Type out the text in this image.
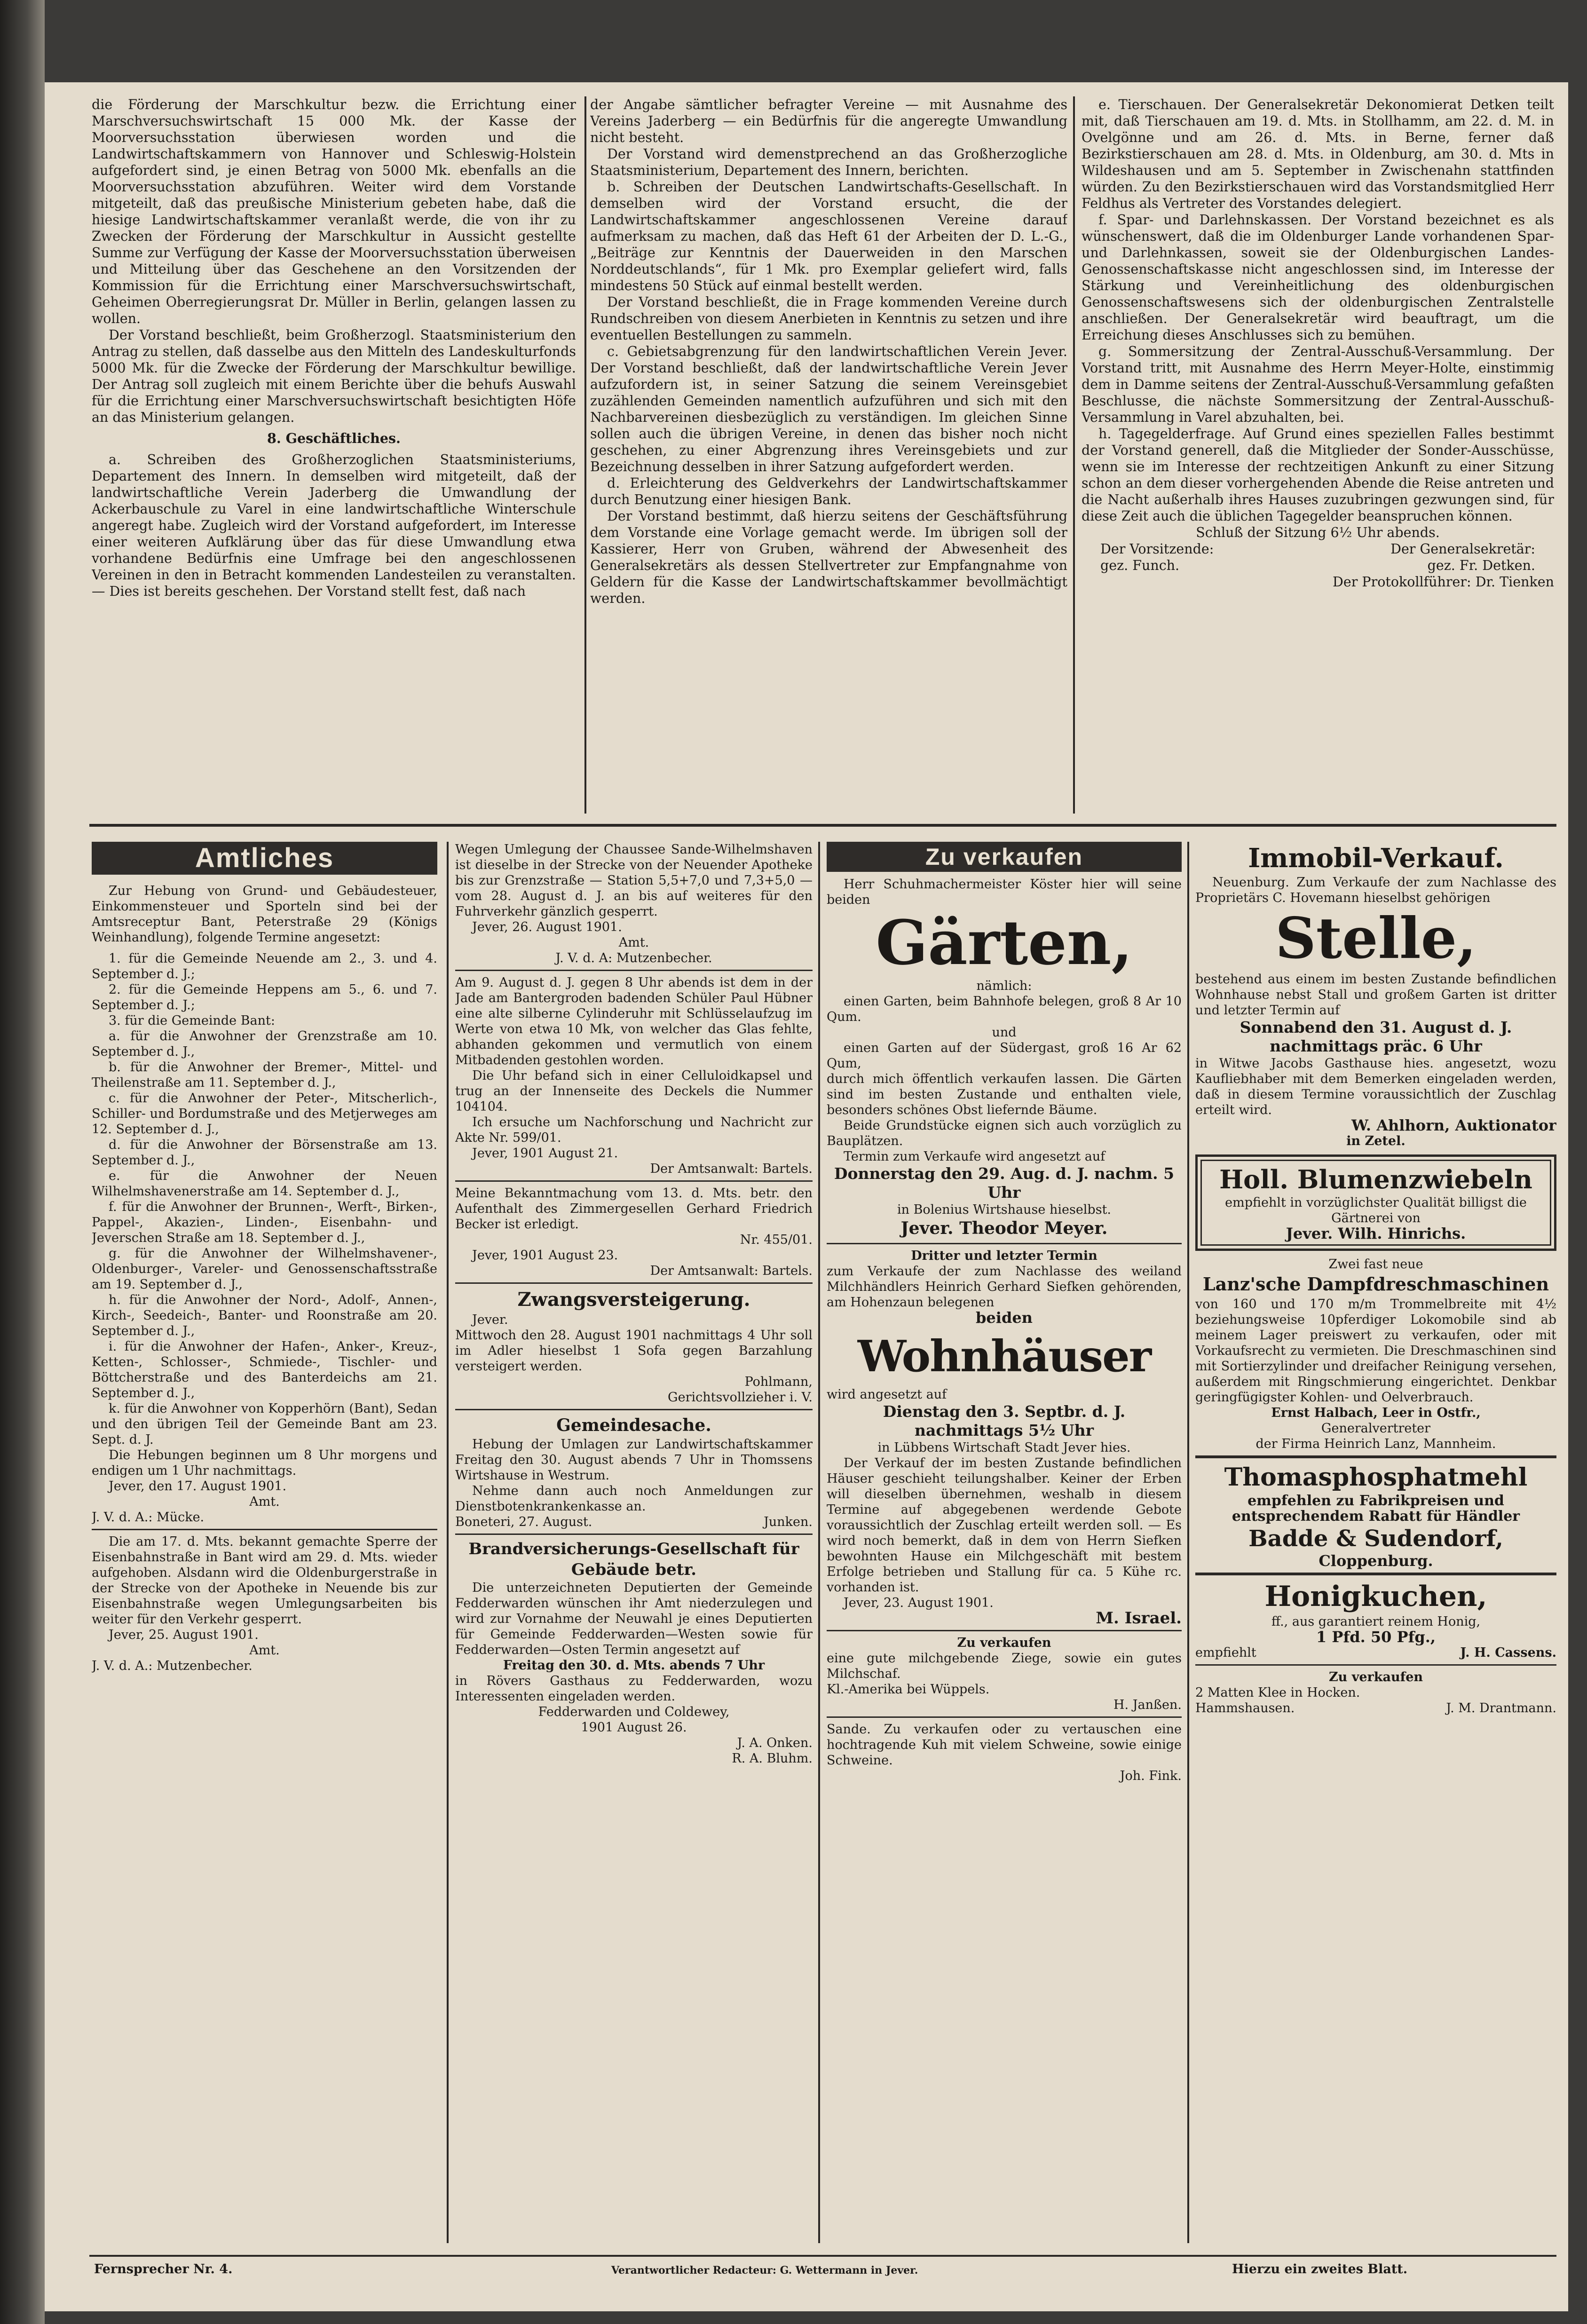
die Förderung der Marschkultur bezw. die Errichtung einer Marschversuchswirtschaft 15 000 Mk. der Kasse der Moorversuchsstation überwiesen worden und die Landwirtschaftskammern von Hannover und Schleswig-Holstein aufgefordert sind, je einen Betrag von 5000 Mk. ebenfalls an die Moorversuchsstation abzuführen. Weiter wird dem Vorstande mitgeteilt, daß das preußische Ministerium gebeten habe, daß die hiesige Landwirtschaftskammer veranlaßt werde, die von ihr zu Zwecken der Förderung der Marschkultur in Aussicht gestellte Summe zur Verfügung der Kasse der Moorversuchsstation überweisen und Mitteilung über das Geschehene an den Vorsitzenden der Kommission für die Errichtung einer Marschversuchswirtschaft, Geheimen Oberregierungsrat Dr. Müller in Berlin, gelangen lassen zu wollen.

Der Vorstand beschließt, beim Großherzogl. Staatsministerium den Antrag zu stellen, daß dasselbe aus den Mitteln des Landeskulturfonds 5000 Mk. für die Zwecke der Förderung der Marschkultur bewillige. Der Antrag soll zugleich mit einem Berichte über die behufs Auswahl für die Errichtung einer Marschversuchswirtschaft besichtigten Höfe an das Ministerium gelangen.

8. Geschäftliches.

a. Schreiben des Großherzoglichen Staatsministeriums, Departement des Innern. In demselben wird mitgeteilt, daß der landwirtschaftliche Verein Jaderberg die Umwandlung der Ackerbauschule zu Varel in eine landwirtschaftliche Winterschule angeregt habe. Zugleich wird der Vorstand aufgefordert, im Interesse einer weiteren Aufklärung über das für diese Umwandlung etwa vorhandene Bedürfnis eine Umfrage bei den angeschlossenen Vereinen in den in Betracht kommenden Landesteilen zu veranstalten. — Dies ist bereits geschehen. Der Vorstand stellt fest, daß nach

der Angabe sämtlicher befragter Vereine — mit Ausnahme des Vereins Jaderberg — ein Bedürfnis für die angeregte Umwandlung nicht besteht.

Der Vorstand wird demenstprechend an das Großherzogliche Staatsministerium, Departement des Innern, berichten.

b. Schreiben der Deutschen Landwirtschafts-Gesellschaft. In demselben wird der Vorstand ersucht, die der Landwirtschaftskammer angeschlossenen Vereine darauf aufmerksam zu machen, daß das Heft 61 der Arbeiten der D. L.-G., „Beiträge zur Kenntnis der Dauerweiden in den Marschen Norddeutschlands“, für 1 Mk. pro Exemplar geliefert wird, falls mindestens 50 Stück auf einmal bestellt werden.

Der Vorstand beschließt, die in Frage kommenden Vereine durch Rundschreiben von diesem Anerbieten in Kenntnis zu setzen und ihre eventuellen Bestellungen zu sammeln.

c. Gebietsabgrenzung für den landwirtschaftlichen Verein Jever. Der Vorstand beschließt, daß der landwirtschaftliche Verein Jever aufzufordern ist, in seiner Satzung die seinem Vereinsgebiet zuzählenden Gemeinden namentlich aufzuführen und sich mit den Nachbarvereinen diesbezüglich zu verständigen. Im gleichen Sinne sollen auch die übrigen Vereine, in denen das bisher noch nicht geschehen, zu einer Abgrenzung ihres Vereinsgebiets und zur Bezeichnung desselben in ihrer Satzung aufgefordert werden.

d. Erleichterung des Geldverkehrs der Landwirtschaftskammer durch Benutzung einer hiesigen Bank.

Der Vorstand bestimmt, daß hierzu seitens der Geschäftsführung dem Vorstande eine Vorlage gemacht werde. Im übrigen soll der Kassierer, Herr von Gruben, während der Abwesenheit des Generalsekretärs als dessen Stellvertreter zur Empfangnahme von Geldern für die Kasse der Landwirtschaftskammer bevollmächtigt werden.

e. Tierschauen. Der Generalsekretär Dekonomierat Detken teilt mit, daß Tierschauen am 19. d. Mts. in Stollhamm, am 22. d. M. in Ovelgönne und am 26. d. Mts. in Berne, ferner daß Bezirkstierschauen am 28. d. Mts. in Oldenburg, am 30. d. Mts in Wildeshausen und am 5. September in Zwischenahn stattfinden würden. Zu den Bezirkstierschauen wird das Vorstandsmitglied Herr Feldhus als Vertreter des Vorstandes delegiert.

f. Spar- und Darlehnskassen. Der Vorstand bezeichnet es als wünschenswert, daß die im Oldenburger Lande vorhandenen Spar- und Darlehnkassen, soweit sie der Oldenburgischen Landes-Genossenschaftskasse nicht angeschlossen sind, im Interesse der Stärkung und Vereinheitlichung des oldenburgischen Genossenschaftswesens sich der oldenburgischen Zentralstelle anschließen. Der Generalsekretär wird beauftragt, um die Erreichung dieses Anschlusses sich zu bemühen.

g. Sommersitzung der Zentral-Ausschuß-Versammlung. Der Vorstand tritt, mit Ausnahme des Herrn Meyer-Holte, einstimmig dem in Damme seitens der Zentral-Ausschuß-Versammlung gefaßten Beschlusse, die nächste Sommersitzung der Zentral-Ausschuß-Versammlung in Varel abzuhalten, bei.

h. Tagegelderfrage. Auf Grund eines speziellen Falles bestimmt der Vorstand generell, daß die Mitglieder der Sonder-Ausschüsse, wenn sie im Interesse der rechtzeitigen Ankunft zu einer Sitzung schon an dem dieser vorhergehenden Abende die Reise antreten und die Nacht außerhalb ihres Hauses zuzubringen gezwungen sind, für diese Zeit auch die üblichen Tagegelder beanspruchen können.

Schluß der Sitzung 6½ Uhr abends.

Der Vorsitzende:	Der Generalsekretär:
gez. Funch.	gez. Fr. Detken.

Der Protokollführer: Dr. Tienken

Amtliches

Zur Hebung von Grund- und Gebäudesteuer, Einkommensteuer und Sporteln sind bei der Amtsreceptur Bant, Peterstraße 29 (Königs Weinhandlung), folgende Termine angesetzt:

1. für die Gemeinde Neuende am 2., 3. und 4. September d. J.;

2. für die Gemeinde Heppens am 5., 6. und 7. September d. J.;

3. für die Gemeinde Bant:

a. für die Anwohner der Grenzstraße am 10. September d. J.,

b. für die Anwohner der Bremer-, Mittel- und Theilenstraße am 11. September d. J.,

c. für die Anwohner der Peter-, Mitscherlich-, Schiller- und Bordumstraße und des Metjerweges am 12. September d. J.,

d. für die Anwohner der Börsenstraße am 13. September d. J.,

e. für die Anwohner der Neuen Wilhelmshavenerstraße am 14. September d. J.,

f. für die Anwohner der Brunnen-, Werft-, Birken-, Pappel-, Akazien-, Linden-, Eisenbahn- und Jeverschen Straße am 18. September d. J.,

g. für die Anwohner der Wilhelmshavener-, Oldenburger-, Vareler- und Genossenschaftsstraße am 19. September d. J.,

h. für die Anwohner der Nord-, Adolf-, Annen-, Kirch-, Seedeich-, Banter- und Roonstraße am 20. September d. J.,

i. für die Anwohner der Hafen-, Anker-, Kreuz-, Ketten-, Schlosser-, Schmiede-, Tischler- und Böttcherstraße und des Banterdeichs am 21. September d. J.,

k. für die Anwohner von Kopperhörn (Bant), Sedan und den übrigen Teil der Gemeinde Bant am 23. Sept. d. J.

Die Hebungen beginnen um 8 Uhr morgens und endigen um 1 Uhr nachmittags.

Jever, den 17. August 1901.

Amt.

J. V. d. A.: Mücke.

Die am 17. d. Mts. bekannt gemachte Sperre der Eisenbahnstraße in Bant wird am 29. d. Mts. wieder aufgehoben. Alsdann wird die Oldenburgerstraße in der Strecke von der Apotheke in Neuende bis zur Eisenbahnstraße wegen Umlegungsarbeiten bis weiter für den Verkehr gesperrt.

Jever, 25. August 1901.

Amt.

J. V. d. A.: Mutzenbecher.

Wegen Umlegung der Chaussee Sande-Wilhelmshaven ist dieselbe in der Strecke von der Neuender Apotheke bis zur Grenzstraße — Station 5,5+7,0 und 7,3+5,0 — vom 28. August d. J. an bis auf weiteres für den Fuhrverkehr gänzlich gesperrt.

Jever, 26. August 1901.

Amt.

J. V. d. A: Mutzenbecher.

Am 9. August d. J. gegen 8 Uhr abends ist dem in der Jade am Bantergroden badenden Schüler Paul Hübner eine alte silberne Cylinderuhr mit Schlüsselaufzug im Werte von etwa 10 Mk, von welcher das Glas fehlte, abhanden gekommen und vermutlich von einem Mitbadenden gestohlen worden.

Die Uhr befand sich in einer Celluloidkapsel und trug an der Innenseite des Deckels die Nummer 104104.

Ich ersuche um Nachforschung und Nachricht zur Akte Nr. 599/01.

Jever, 1901 August 21.

Der Amtsanwalt: Bartels.

Meine Bekanntmachung vom 13. d. Mts. betr. den Aufenthalt des Zimmergesellen Gerhard Friedrich Becker ist erledigt.

Nr. 455/01.

Jever, 1901 August 23.

Der Amtsanwalt: Bartels.

Zwangsversteigerung.

Jever.

Mittwoch den 28. August 1901 nachmittags 4 Uhr soll im Adler hieselbst 1 Sofa gegen Barzahlung versteigert werden.

Pohlmann,

Gerichtsvollzieher i. V.

Gemeindesache.

Hebung der Umlagen zur Landwirtschaftskammer Freitag den 30. August abends 7 Uhr in Thomssens Wirtshause in Westrum.

Nehme dann auch noch Anmeldungen zur Dienstbotenkrankenkasse an.

Boneteri, 27. August.	Junken.

Brandversicherungs-Gesellschaft für Gebäude betr.

Die unterzeichneten Deputierten der Gemeinde Fedderwarden wünschen ihr Amt niederzulegen und wird zur Vornahme der Neuwahl je eines Deputierten für Gemeinde Fedderwarden—Westen sowie für Fedderwarden—Osten Termin angesetzt auf

Freitag den 30. d. Mts. abends 7 Uhr

in Rövers Gasthaus zu Fedderwarden, wozu Interessenten eingeladen werden.

Fedderwarden und Coldewey,

1901 August 26.

J. A. Onken.

R. A. Bluhm.

Zu verkaufen

Herr Schuhmachermeister Köster hier will seine beiden

Gärten,

nämlich:

einen Garten, beim Bahnhofe belegen, groß 8 Ar 10 Qum.

und

einen Garten auf der Südergast, groß 16 Ar 62 Qum,

durch mich öffentlich verkaufen lassen. Die Gärten sind im besten Zustande und enthalten viele, besonders schönes Obst liefernde Bäume.

Beide Grundstücke eignen sich auch vorzüglich zu Bauplätzen.

Termin zum Verkaufe wird angesetzt auf

Donnerstag den 29. Aug. d. J. nachm. 5 Uhr

in Bolenius Wirtshause hieselbst.

Jever. Theodor Meyer.

Dritter und letzter Termin

zum Verkaufe der zum Nachlasse des weiland Milchhändlers Heinrich Gerhard Siefken gehörenden, am Hohenzaun belegenen

beiden

Wohnhäuser

wird angesetzt auf

Dienstag den 3. Septbr. d. J. nachmittags 5½ Uhr

in Lübbens Wirtschaft Stadt Jever hies.

Der Verkauf der im besten Zustande befindlichen Häuser geschieht teilungshalber. Keiner der Erben will dieselben übernehmen, weshalb in diesem Termine auf abgegebenen werdende Gebote voraussichtlich der Zuschlag erteilt werden soll. — Es wird noch bemerkt, daß in dem von Herrn Siefken bewohnten Hause ein Milchgeschäft mit bestem Erfolge betrieben und Stallung für ca. 5 Kühe rc. vorhanden ist.

Jever, 23. August 1901.

M. Israel.

Zu verkaufen

eine gute milchgebende Ziege, sowie ein gutes Milchschaf.

Kl.-Amerika bei Wüppels.

H. Janßen.

Sande. Zu verkaufen oder zu vertauschen eine hochtragende Kuh mit vielem Schweine, sowie einige Schweine.

Joh. Fink.

Immobil-Verkauf.

Neuenburg. Zum Verkaufe der zum Nachlasse des Proprietärs C. Hovemann hieselbst gehörigen

Stelle,

bestehend aus einem im besten Zustande befindlichen Wohnhause nebst Stall und großem Garten ist dritter und letzter Termin auf

Sonnabend den 31. August d. J. nachmittags präc. 6 Uhr

in Witwe Jacobs Gasthause hies. angesetzt, wozu Kaufliebhaber mit dem Bemerken eingeladen werden, daß in diesem Termine voraussichtlich der Zuschlag erteilt wird.

W. Ahlhorn, Auktionator

in Zetel.

Holl. Blumenzwiebeln

empfiehlt in vorzüglichster Qualität billigst die Gärtnerei von

Jever. Wilh. Hinrichs.

Zwei fast neue

Lanz'sche Dampfdreschmaschinen

von 160 und 170 m/m Trommelbreite mit 4½ beziehungsweise 10pferdiger Lokomobile sind ab meinem Lager preiswert zu verkaufen, oder mit Vorkaufsrecht zu vermieten. Die Dreschmaschinen sind mit Sortierzylinder und dreifacher Reinigung versehen, außerdem mit Ringschmierung eingerichtet. Denkbar geringfügigster Kohlen- und Oelverbrauch.

Ernst Halbach, Leer in Ostfr.,

Generalvertreter

der Firma Heinrich Lanz, Mannheim.

Thomasphosphatmehl

empfehlen zu Fabrikpreisen und entsprechendem Rabatt für Händler

Badde & Sudendorf,

Cloppenburg.

Honigkuchen,

ff., aus garantiert reinem Honig,

1 Pfd. 50 Pfg.,

empfiehlt	J. H. Cassens.

Zu verkaufen

2 Matten Klee in Hocken.

Hammshausen.	J. M. Drantmann.
Fernsprecher Nr. 4.	Verantwortlicher Redacteur: G. Wettermann in Jever.	Hierzu ein zweites Blatt.
